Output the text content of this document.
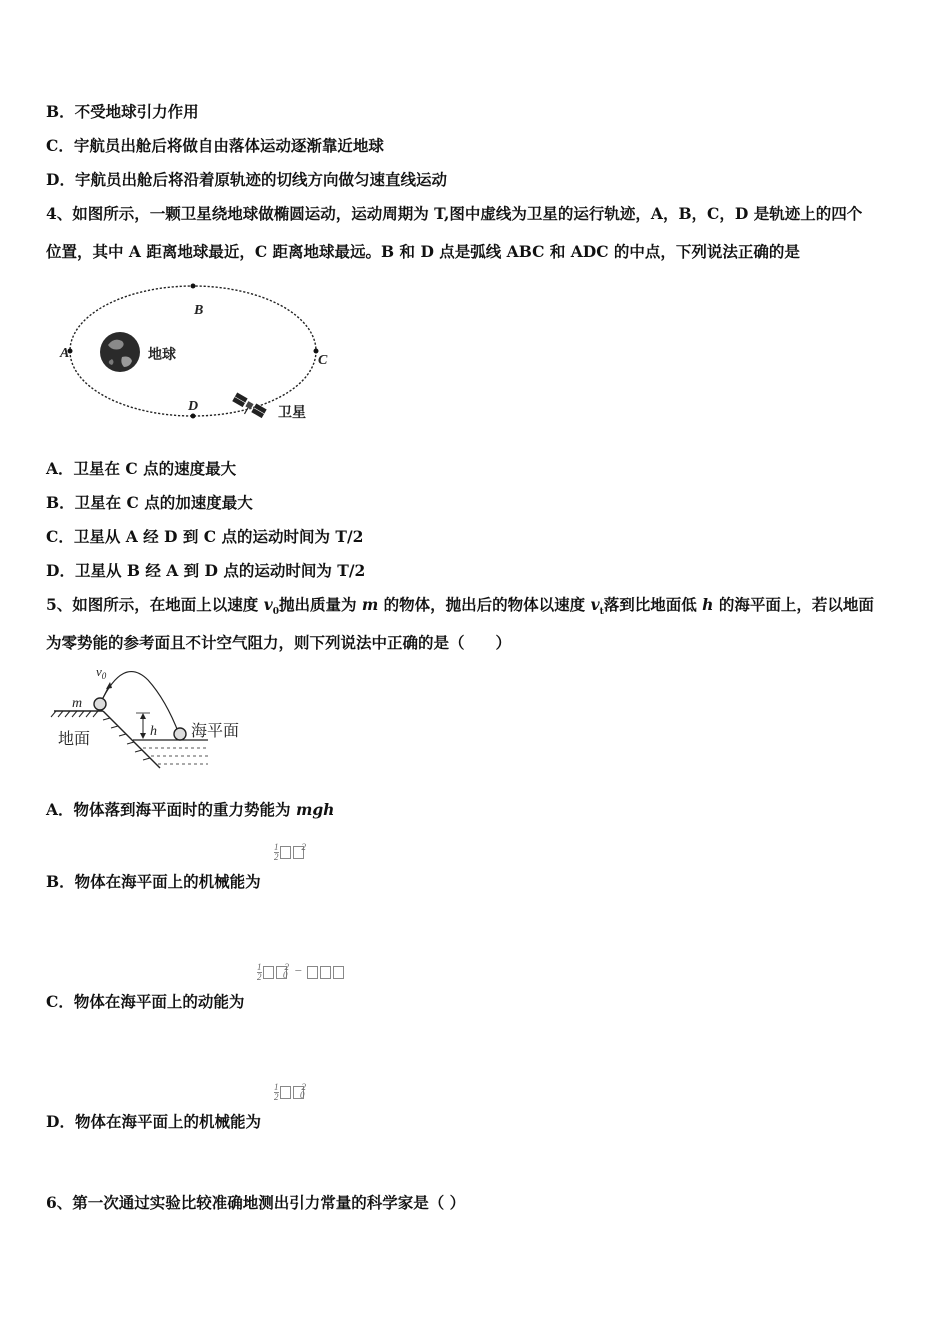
B．不受地球引力作用
C．宇航员出舱后将做自由落体运动逐渐靠近地球
D．宇航员出舱后将沿着原轨迹的切线方向做匀速直线运动
4、如图所示，一颗卫星绕地球做椭圆运动，运动周期为 T,图中虚线为卫星的运行轨迹，A，B，C，D 是轨迹上的四个
位置，其中 A 距离地球最近，C 距离地球最远。B 和 D 点是弧线 ABC 和 ADC 的中点，下列说法正确的是
A
B
C
D
地球
卫星
A．卫星在 C 点的速度最大
B．卫星在 C 点的加速度最大
C．卫星从 A 经 D 到 C 点的运动时间为 T/2
D．卫星从 B 经 A 到 D 点的运动时间为 T/2
5、如图所示，在地面上以速度 $v_0$抛出质量为 m 的物体，抛出后的物体以速度 $v_t$落到比地面低 h 的海平面上，若以地面
为零势能的参考面且不计空气阻力，则下列说法中正确的是（　　）
$v_0$
m
h
地面	海平面
A．物体落到海平面时的重力势能为 mgh
$\frac{1}{2}$	$^2$
B．物体在海平面上的机械能为
$\frac{1}{2}$	$^2_0$ −
C．物体在海平面上的动能为
$\frac{1}{2}$	$^2_0$
D．物体在海平面上的机械能为
6、第一次通过实验比较准确地测出引力常量的科学家是（ ）
